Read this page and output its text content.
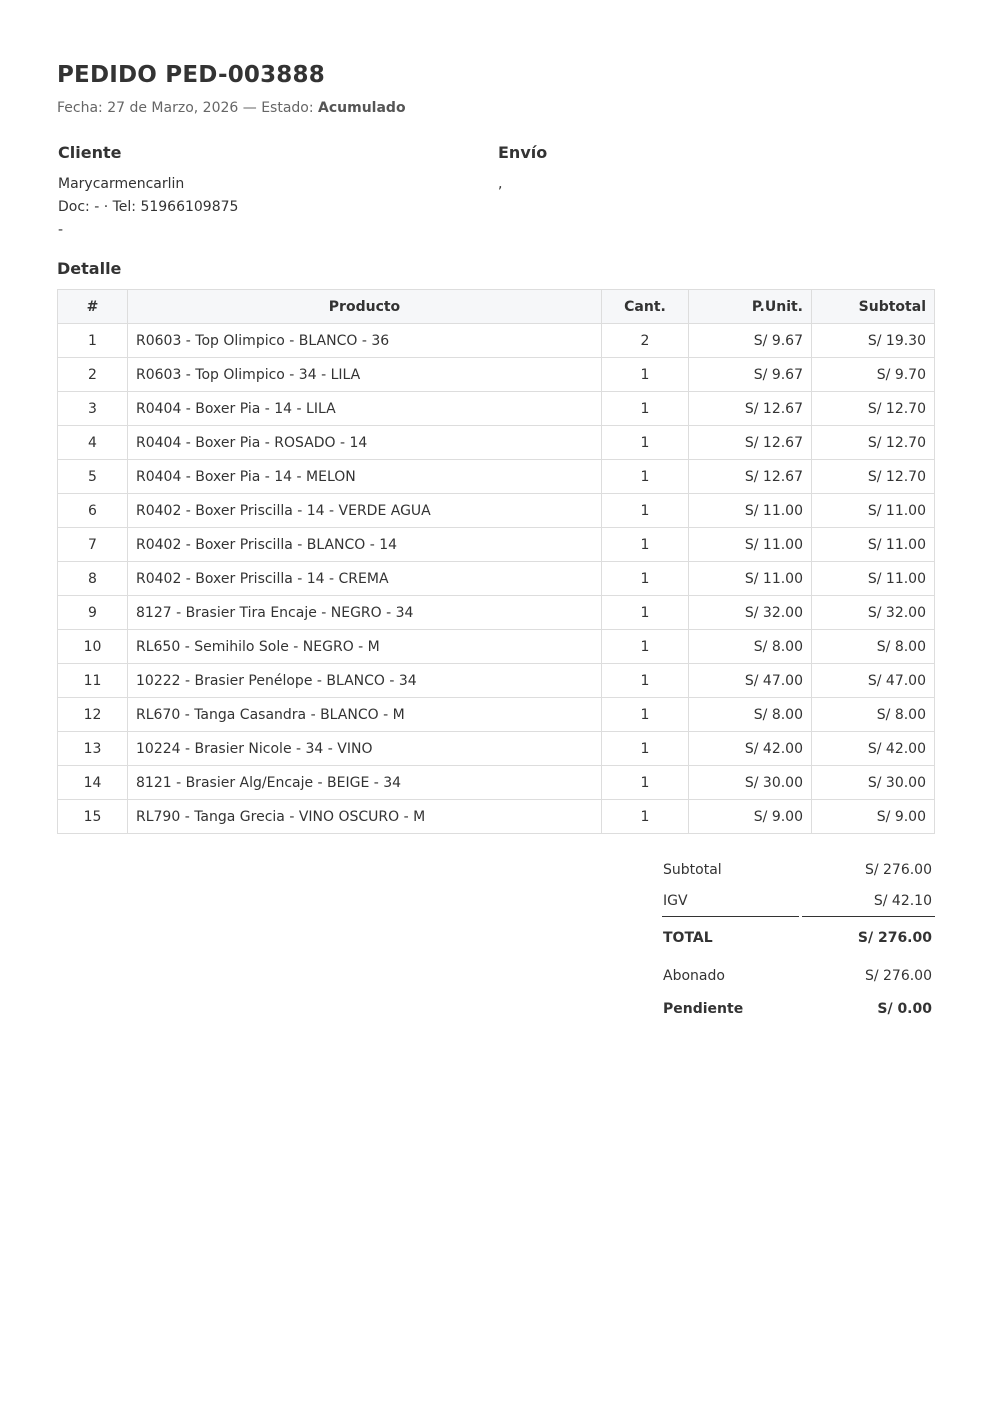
PEDIDO PED-003888
Fecha: 27 de Marzo, 2026 — Estado: Acumulado
Cliente
Marycarmencarlin
Doc: - · Tel: 51966109875
-
Envío
,
Detalle
#	Producto	Cant.	P.Unit.	Subtotal
1	R0603 - Top Olimpico - BLANCO - 36	2	S/ 9.67	S/ 19.30
2	R0603 - Top Olimpico - 34 - LILA	1	S/ 9.67	S/ 9.70
3	R0404 - Boxer Pia - 14 - LILA	1	S/ 12.67	S/ 12.70
4	R0404 - Boxer Pia - ROSADO - 14	1	S/ 12.67	S/ 12.70
5	R0404 - Boxer Pia - 14 - MELON	1	S/ 12.67	S/ 12.70
6	R0402 - Boxer Priscilla - 14 - VERDE AGUA	1	S/ 11.00	S/ 11.00
7	R0402 - Boxer Priscilla - BLANCO - 14	1	S/ 11.00	S/ 11.00
8	R0402 - Boxer Priscilla - 14 - CREMA	1	S/ 11.00	S/ 11.00
9	8127 - Brasier Tira Encaje - NEGRO - 34	1	S/ 32.00	S/ 32.00
10	RL650 - Semihilo Sole - NEGRO - M	1	S/ 8.00	S/ 8.00
11	10222 - Brasier Penélope - BLANCO - 34	1	S/ 47.00	S/ 47.00
12	RL670 - Tanga Casandra - BLANCO - M	1	S/ 8.00	S/ 8.00
13	10224 - Brasier Nicole - 34 - VINO	1	S/ 42.00	S/ 42.00
14	8121 - Brasier Alg/Encaje - BEIGE - 34	1	S/ 30.00	S/ 30.00
15	RL790 - Tanga Grecia - VINO OSCURO - M	1	S/ 9.00	S/ 9.00
Subtotal	S/ 276.00
IGV	S/ 42.10
TOTAL	S/ 276.00
Abonado	S/ 276.00
Pendiente	S/ 0.00
